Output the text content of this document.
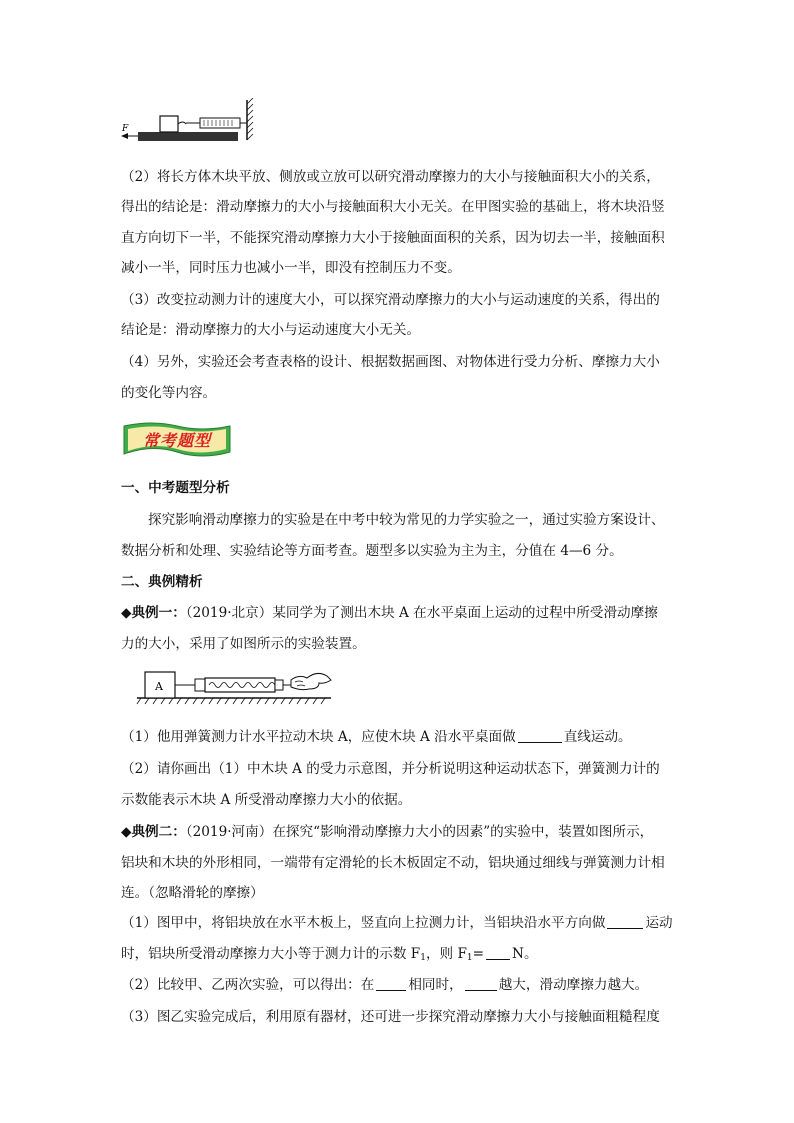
F
（2）将长方体木块平放、侧放或立放可以研究滑动摩擦力的大小与接触面积大小的关系，
得出的结论是：滑动摩擦力的大小与接触面积大小无关。在甲图实验的基础上，将木块沿竖
直方向切下一半，不能探究滑动摩擦力大小于接触面面积的关系，因为切去一半，接触面积
减小一半，同时压力也减小一半，即没有控制压力不变。
（3）改变拉动测力计的速度大小，可以探究滑动摩擦力的大小与运动速度的关系，得出的
结论是：滑动摩擦力的大小与运动速度大小无关。
（4）另外，实验还会考查表格的设计、根据数据画图、对物体进行受力分析、摩擦力大小
的变化等内容。
常考题型
一、中考题型分析
探究影响滑动摩擦力的实验是在中考中较为常见的力学实验之一，通过实验方案设计、
数据分析和处理、实验结论等方面考查。题型多以实验为主为主，分值在 4—6 分。
二、典例精析
◆典例一：（2019·北京）某同学为了测出木块 A 在水平桌面上运动的过程中所受滑动摩擦
力的大小，采用了如图所示的实验装置。
A
（1）他用弹簧测力计水平拉动木块 A，应使木块 A 沿水平桌面做	直线运动。
（2）请你画出（1）中木块 A 的受力示意图，并分析说明这种运动状态下，弹簧测力计的
示数能表示木块 A 所受滑动摩擦力大小的依据。
◆典例二：（2019·河南）在探究“影响滑动摩擦力大小的因素”的实验中，装置如图所示，
铝块和木块的外形相同，一端带有定滑轮的长木板固定不动，铝块通过细线与弹簧测力计相
连。（忽略滑轮的摩擦）
（1）图甲中，将铝块放在水平木板上，竖直向上拉测力计，当铝块沿水平方向做	运动
时，铝块所受滑动摩擦力大小等于测力计的示数 $F_1$，则 $F_1= N$。
（2）比较甲、乙两次实验，可以得出：在	相同时，	越大，滑动摩擦力越大。
（3）图乙实验完成后，利用原有器材，还可进一步探究滑动摩擦力大小与接触面粗糙程度
